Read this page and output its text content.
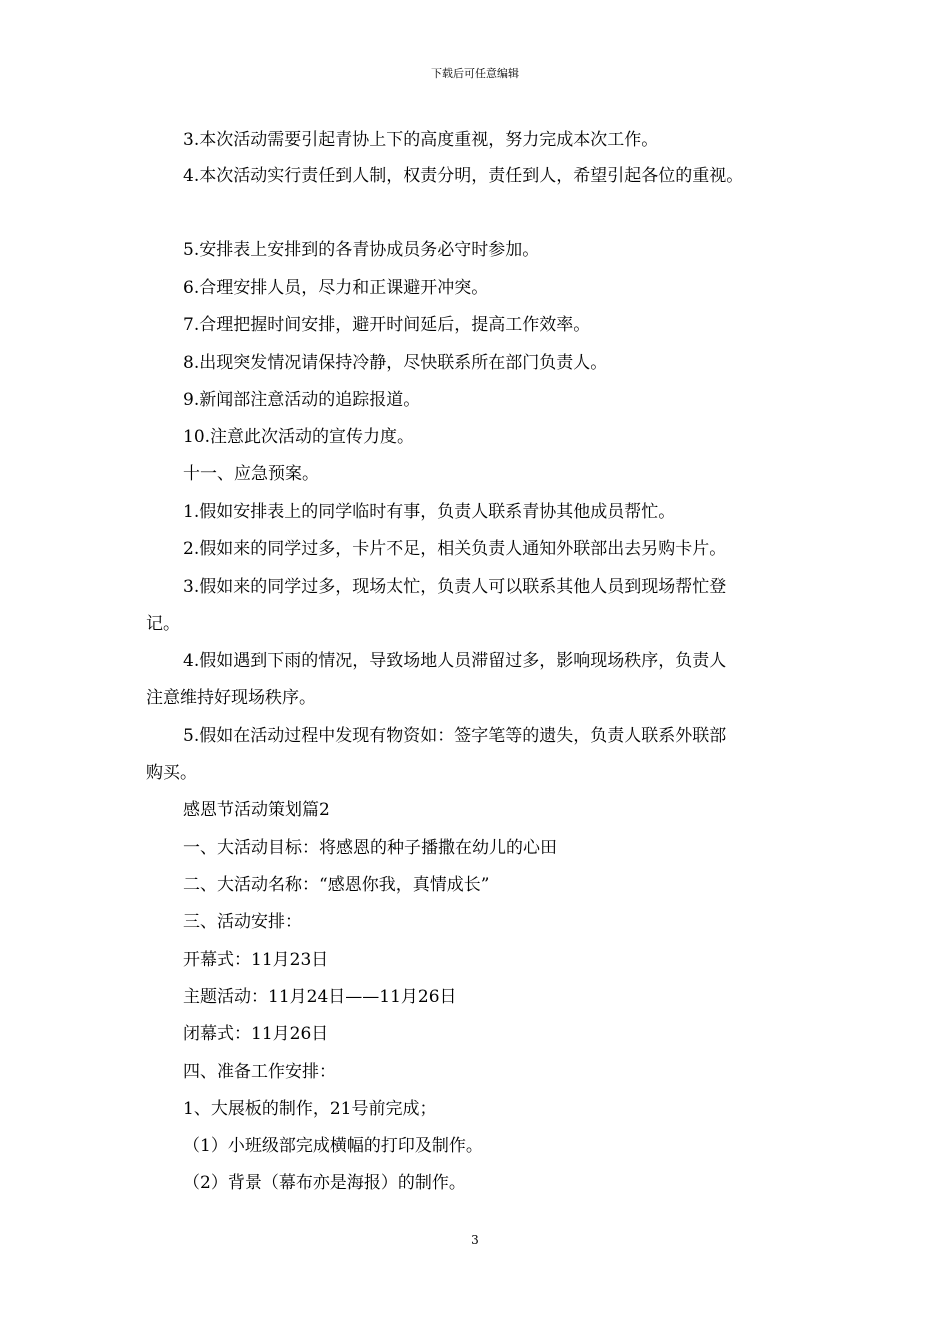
下载后可任意编辑
3.本次活动需要引起青协上下的高度重视，努力完成本次工作。
4.本次活动实行责任到人制，权责分明，责任到人，希望引起各位的重视。
5.安排表上安排到的各青协成员务必守时参加。
6.合理安排人员，尽力和正课避开冲突。
7.合理把握时间安排，避开时间延后，提高工作效率。
8.出现突发情况请保持冷静，尽快联系所在部门负责人。
9.新闻部注意活动的追踪报道。
10.注意此次活动的宣传力度。
十一、应急预案。
1.假如安排表上的同学临时有事，负责人联系青协其他成员帮忙。
2.假如来的同学过多，卡片不足，相关负责人通知外联部出去另购卡片。
3.假如来的同学过多，现场太忙，负责人可以联系其他人员到现场帮忙登
记。
4.假如遇到下雨的情况，导致场地人员滞留过多，影响现场秩序，负责人
注意维持好现场秩序。
5.假如在活动过程中发现有物资如：签字笔等的遗失，负责人联系外联部
购买。
感恩节活动策划篇2
一、大活动目标：将感恩的种子播撒在幼儿的心田
二、大活动名称：“感恩你我，真情成长”
三、活动安排：
开幕式：11月23日
主题活动：11月24日——11月26日
闭幕式：11月26日
四、准备工作安排：
1、大展板的制作，21号前完成；
（1）小班级部完成横幅的打印及制作。
（2）背景（幕布亦是海报）的制作。
3
